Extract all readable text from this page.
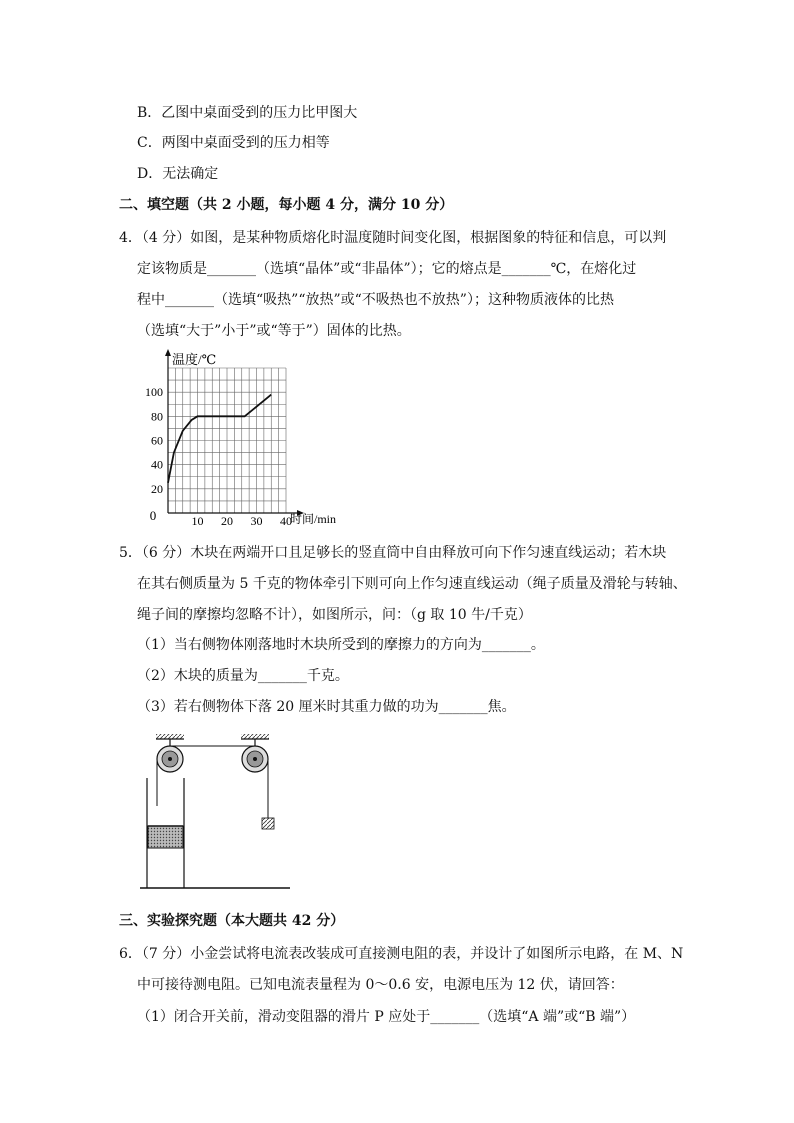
B．乙图中桌面受到的压力比甲图大
C．两图中桌面受到的压力相等
D．无法确定
二、填空题（共 2 小题，每小题 4 分，满分 10 分）
4．（4 分）如图，是某种物质熔化时温度随时间变化图，根据图象的特征和信息，可以判
定该物质是_______（选填“晶体”或“非晶体”）；它的熔点是_______℃，在熔化过
程中_______（选填“吸热”“放热”或“不吸热也不放热”）；这种物质液体的比热
（选填“大于”小于”或“等于”）固体的比热。
10 20 30 40
20
40
60
80
100
温度/℃
时间/min
0
5．（6 分）木块在两端开口且足够长的竖直筒中自由释放可向下作匀速直线运动；若木块
在其右侧质量为 5 千克的物体牵引下则可向上作匀速直线运动（绳子质量及滑轮与转轴、
绳子间的摩擦均忽略不计），如图所示，问：（g 取 10 牛/千克）
（1）当右侧物体刚落地时木块所受到的摩擦力的方向为_______。
（2）木块的质量为_______千克。
（3）若右侧物体下落 20 厘米时其重力做的功为_______焦。
三、实验探究题（本大题共 42 分）
6．（7 分）小金尝试将电流表改装成可直接测电阻的表，并设计了如图所示电路，在 M、N
中可接待测电阻。已知电流表量程为 0～0.6 安，电源电压为 12 伏，请回答：
（1）闭合开关前，滑动变阻器的滑片 P 应处于_______（选填“A 端”或“B 端”）
